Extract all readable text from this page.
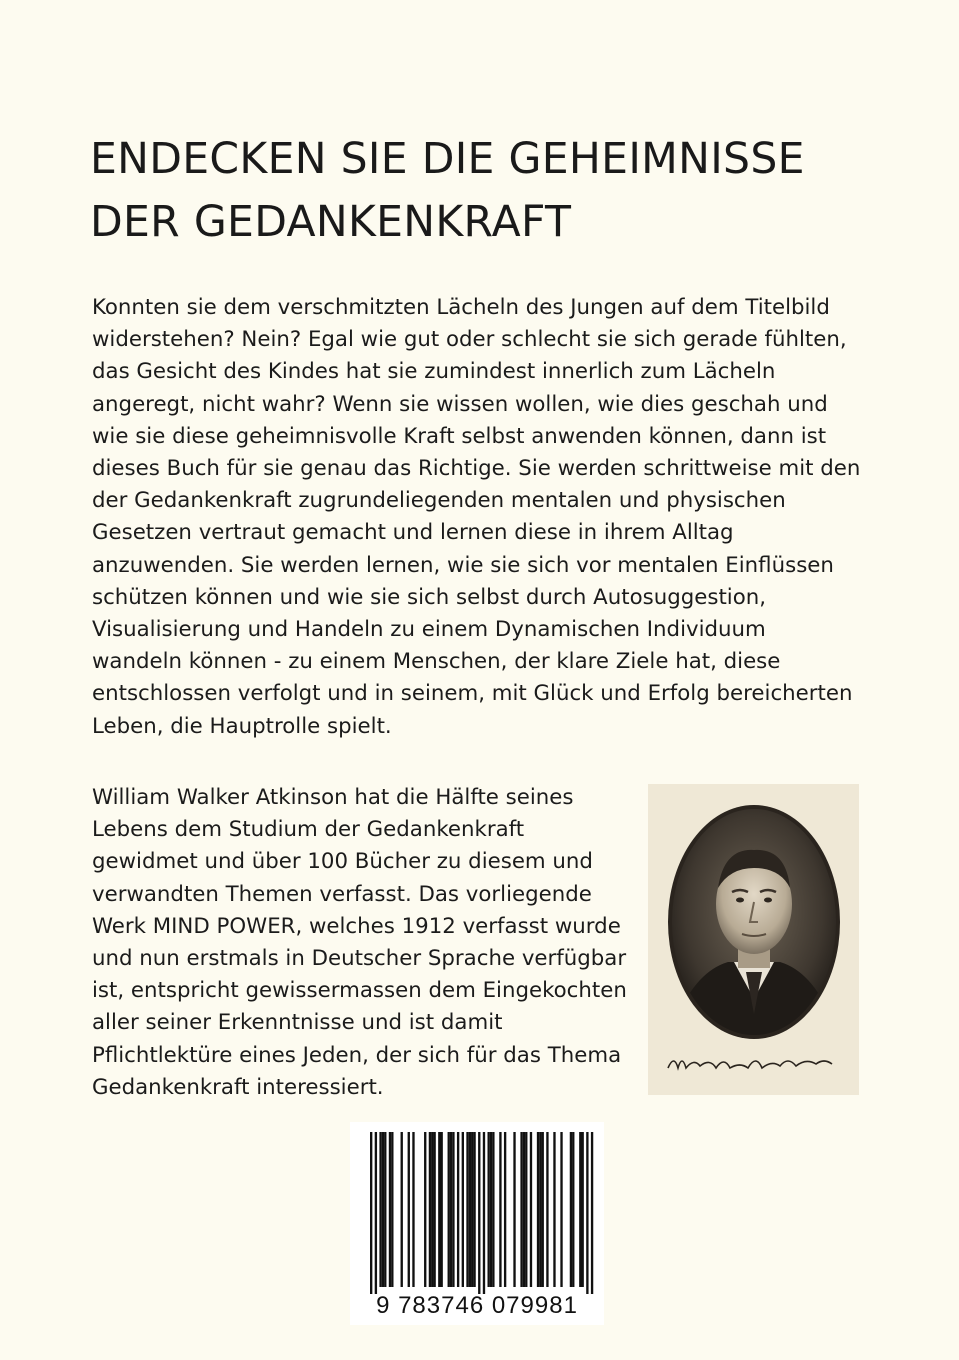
ENDECKEN SIE DIE GEHEIMNISSE
DER GEDANKENKRAFT

Konnten sie dem verschmitzten Lächeln des Jungen auf dem Titelbild
widerstehen? Nein? Egal wie gut oder schlecht sie sich gerade fühlten,
das Gesicht des Kindes hat sie zumindest innerlich zum Lächeln
angeregt, nicht wahr? Wenn sie wissen wollen, wie dies geschah und
wie sie diese geheimnisvolle Kraft selbst anwenden können, dann ist
dieses Buch für sie genau das Richtige. Sie werden schrittweise mit den
der Gedankenkraft zugrundeliegenden mentalen und physischen
Gesetzen vertraut gemacht und lernen diese in ihrem Alltag
anzuwenden. Sie werden lernen, wie sie sich vor mentalen Einflüssen
schützen können und wie sie sich selbst durch Autosuggestion,
Visualisierung und Handeln zu einem Dynamischen Individuum
wandeln können - zu einem Menschen, der klare Ziele hat, diese
entschlossen verfolgt und in seinem, mit Glück und Erfolg bereicherten
Leben, die Hauptrolle spielt.

William Walker Atkinson hat die Hälfte seines
Lebens dem Studium der Gedankenkraft
gewidmet und über 100 Bücher zu diesem und
verwandten Themen verfasst. Das vorliegende
Werk MIND POWER, welches 1912 verfasst wurde
und nun erstmals in Deutscher Sprache verfügbar
ist, entspricht gewissermassen dem Eingekochten
aller seiner Erkenntnisse und ist damit
Pflichtlektüre eines Jeden, der sich für das Thema
Gedankenkraft interessiert.

9 783746 079981
